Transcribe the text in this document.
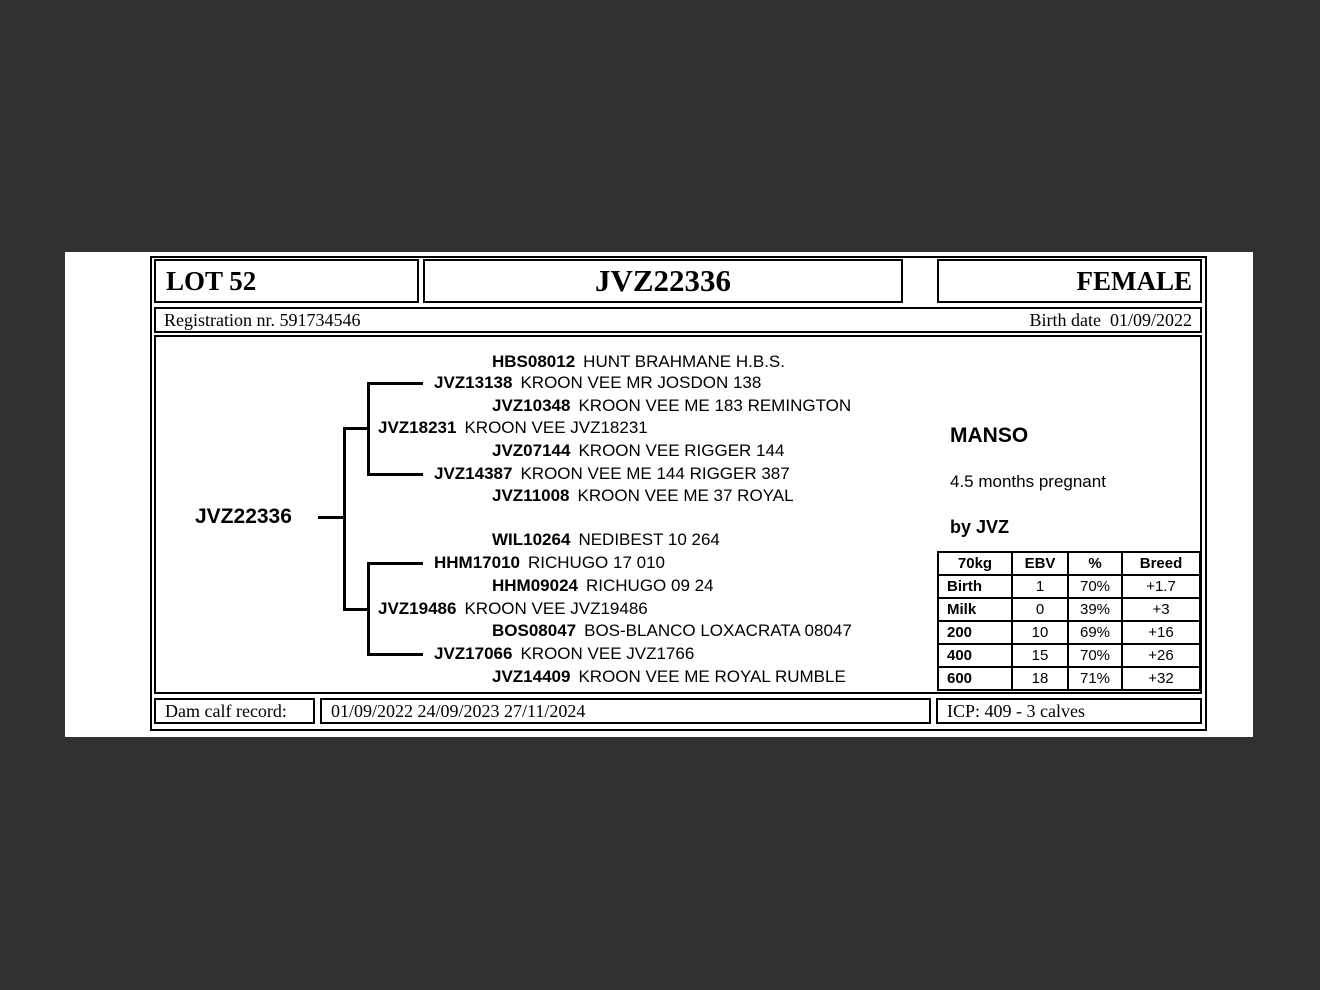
LOT 52	JVZ22336	FEMALE
Registration nr. 591734546	Birth date 01/09/2022
JVZ22336
HBS08012 HUNT BRAHMANE H.B.S.
JVZ13138 KROON VEE MR JOSDON 138
JVZ10348 KROON VEE ME 183 REMINGTON
JVZ18231 KROON VEE JVZ18231
JVZ07144 KROON VEE RIGGER 144
JVZ14387 KROON VEE ME 144 RIGGER 387
JVZ11008 KROON VEE ME 37 ROYAL
WIL10264 NEDIBEST 10 264
HHM17010 RICHUGO 17 010
HHM09024 RICHUGO 09 24
JVZ19486 KROON VEE JVZ19486
BOS08047 BOS-BLANCO LOXACRATA 08047
JVZ17066 KROON VEE JVZ1766
JVZ14409 KROON VEE ME ROYAL RUMBLE
MANSO
4.5 months pregnant
by JVZ
70kg	EBV	%	Breed
Birth	1	70%	+1.7
Milk	0	39%	+3
200	10	69%	+16
400	15	70%	+26
600	18	71%	+32
Dam calf record: 01/09/2022 24/09/2023 27/11/2024	ICP: 409 - 3 calves
